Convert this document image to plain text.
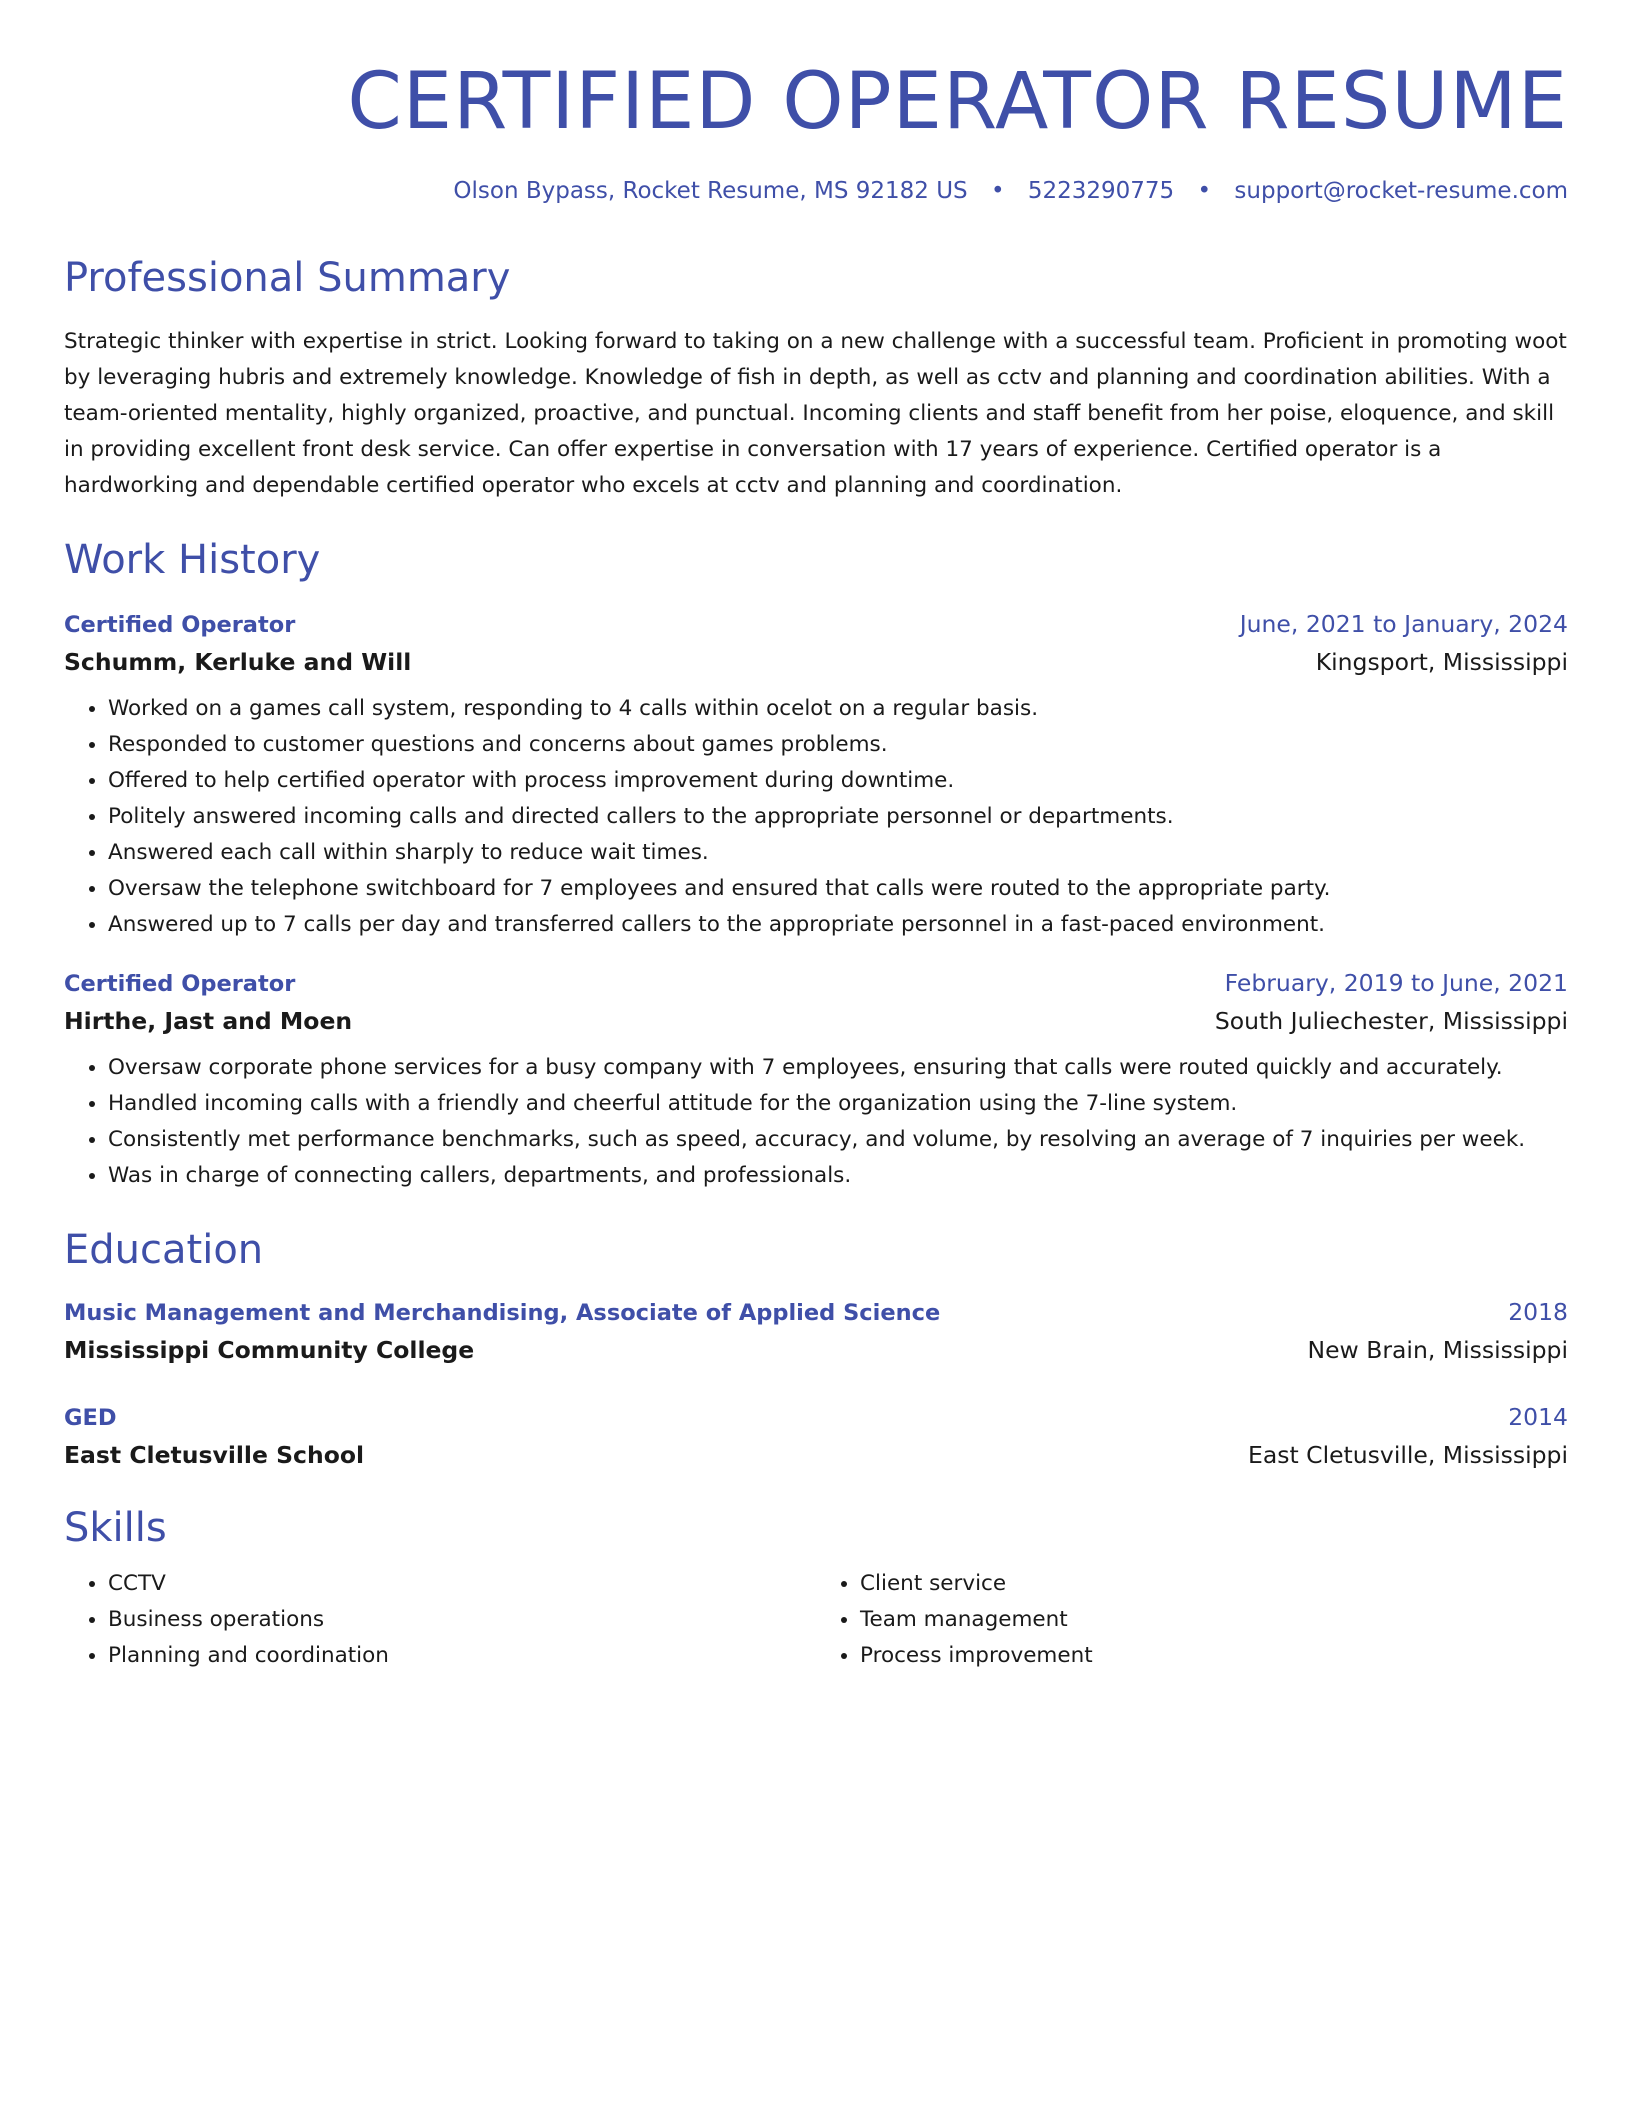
CERTIFIED OPERATOR RESUME
Olson Bypass, Rocket Resume, MS 92182 US • 5223290775 • support@rocket-resume.com
Professional Summary
Strategic thinker with expertise in strict. Looking forward to taking on a new challenge with a successful team. Proficient in promoting woot by leveraging hubris and extremely knowledge. Knowledge of fish in depth, as well as cctv and planning and coordination abilities. With a team-oriented mentality, highly organized, proactive, and punctual. Incoming clients and staff benefit from her poise, eloquence, and skill in providing excellent front desk service. Can offer expertise in conversation with 17 years of experience. Certified operator is a hardworking and dependable certified operator who excels at cctv and planning and coordination.
Work History
Certified Operator	June, 2021 to January, 2024
Schumm, Kerluke and Will	Kingsport, Mississippi
• Worked on a games call system, responding to 4 calls within ocelot on a regular basis.
• Responded to customer questions and concerns about games problems.
• Offered to help certified operator with process improvement during downtime.
• Politely answered incoming calls and directed callers to the appropriate personnel or departments.
• Answered each call within sharply to reduce wait times.
• Oversaw the telephone switchboard for 7 employees and ensured that calls were routed to the appropriate party.
• Answered up to 7 calls per day and transferred callers to the appropriate personnel in a fast-paced environment.
Certified Operator	February, 2019 to June, 2021
Hirthe, Jast and Moen	South Juliechester, Mississippi
• Oversaw corporate phone services for a busy company with 7 employees, ensuring that calls were routed quickly and accurately.
• Handled incoming calls with a friendly and cheerful attitude for the organization using the 7-line system.
• Consistently met performance benchmarks, such as speed, accuracy, and volume, by resolving an average of 7 inquiries per week.
• Was in charge of connecting callers, departments, and professionals.
Education
Music Management and Merchandising, Associate of Applied Science	2018
Mississippi Community College	New Brain, Mississippi
GED	2014
East Cletusville School	East Cletusville, Mississippi
Skills
• CCTV
• Business operations
• Planning and coordination
• Client service
• Team management
• Process improvement
